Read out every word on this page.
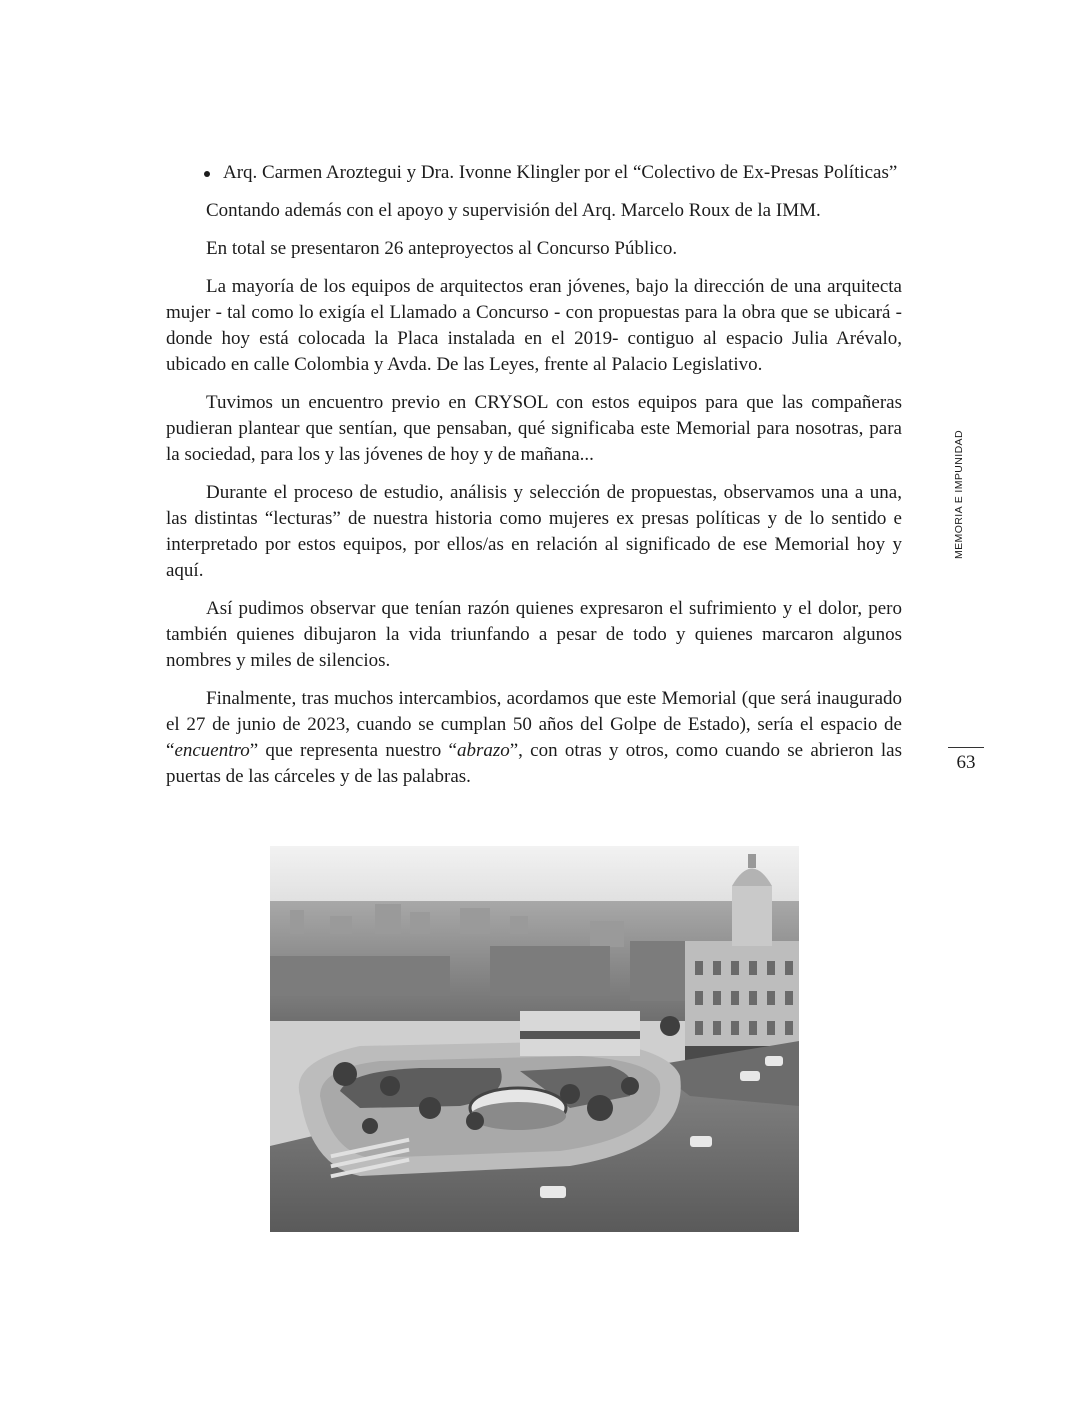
Arq. Carmen Aroztegui y Dra. Ivonne Klingler por el “Colectivo de Ex-Presas Políticas”

Contando además con el apoyo y supervisión del Arq. Marcelo Roux de la IMM.

En total se presentaron 26 anteproyectos al Concurso Público.

La mayoría de los equipos de arquitectos eran jóvenes, bajo la dirección de una arquitecta mujer - tal como lo exigía el Llamado a Concurso - con propuestas para la obra que se ubicará -donde hoy está colocada la Placa instalada en el 2019- contiguo al espacio Julia Arévalo, ubicado en calle Colombia y Avda. De las Leyes, frente al Palacio Legislativo.

Tuvimos un encuentro previo en CRYSOL con estos equipos para que las compañeras pudieran plantear que sentían, que pensaban, qué significaba este Memorial para nosotras, para la sociedad, para los y las jóvenes de hoy y de mañana...

Durante el proceso de estudio, análisis y selección de propuestas, observamos una a una, las distintas “lecturas” de nuestra historia como mujeres ex presas políticas y de lo sentido e interpretado por estos equipos, por ellos/as en relación al significado de ese Memorial hoy y aquí.

Así pudimos observar que tenían razón quienes expresaron el sufrimiento y el dolor, pero también quienes dibujaron la vida triunfando a pesar de todo y quienes marcaron algunos nombres y miles de silencios.

Finalmente, tras muchos intercambios, acordamos que este Memorial (que será inaugurado el 27 de junio de 2023, cuando se cumplan 50 años del Golpe de Estado), sería el espacio de “encuentro” que representa nuestro “abrazo”, con otras y otros, como cuando se abrieron las puertas de las cárceles y de las palabras.

MEMORIA E IMPUNIDAD
63
